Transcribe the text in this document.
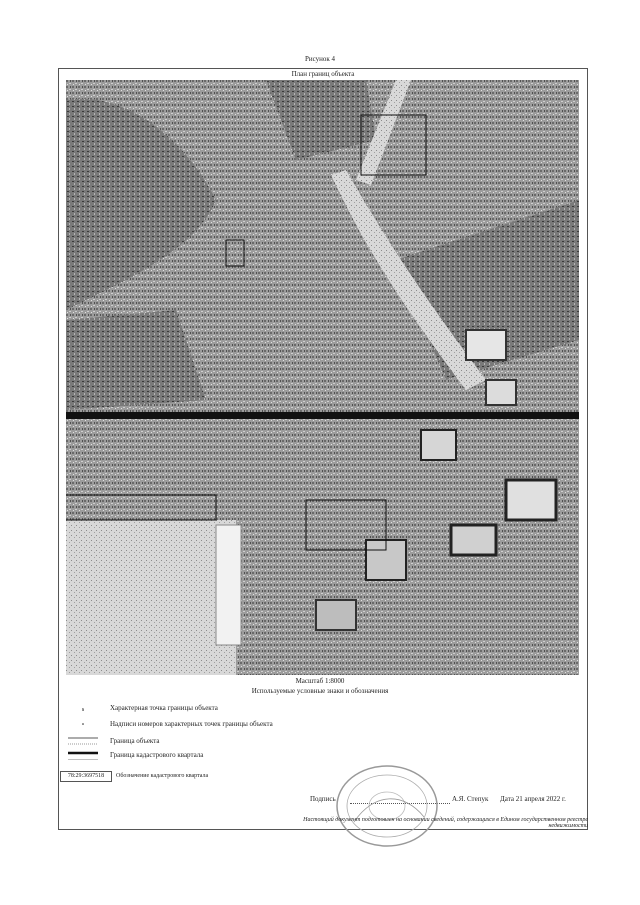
Рисунок 4
План границ объекта
Масштаб 1:8000
Используемые условные знаки и обозначения
s	Характерная точка границы объекта
Надписи номеров характерных точек границы объекта
Граница объекта
Граница кадастрового квартала
78:29:3697518	Обозначение кадастрового квартала
Подпись	А.Я. Степук Дата 21 апреля 2022 г.
Настоящий документ подготовлен на основании сведений, содержащихся в Едином государственном реестре недвижимости
